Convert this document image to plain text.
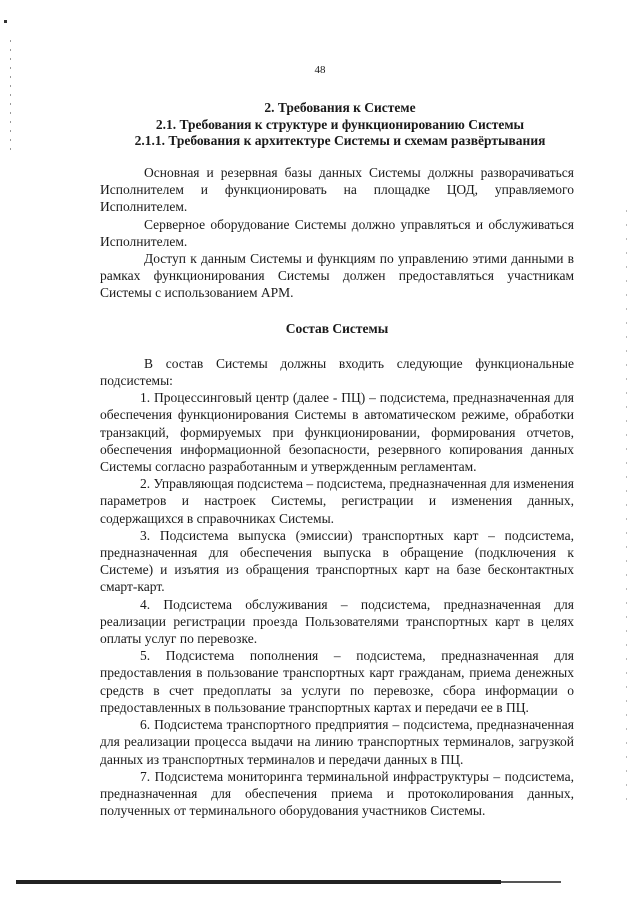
48
2. Требования к Системе
2.1. Требования к структуре и функционированию Системы
2.1.1. Требования к архитектуре Системы и схемам развёртывания

Основная и резервная базы данных Системы должны разворачиваться Исполнителем и функционировать на площадке ЦОД, управляемого Исполнителем.

Серверное оборудование Системы должно управляться и обслуживаться Исполнителем.

Доступ к данным Системы и функциям по управлению этими данными в рамках функционирования Системы должен предоставляться участникам Системы с использованием АРМ.

Состав Системы

В состав Системы должны входить следующие функциональные подсистемы:

1. Процессинговый центр (далее - ПЦ) – подсистема, предназначенная для обеспечения функционирования Системы в автоматическом режиме, обработки транзакций, формируемых при функционировании, формирования отчетов, обеспечения информационной безопасности, резервного копирования данных Системы согласно разработанным и утвержденным регламентам.

2. Управляющая подсистема – подсистема, предназначенная для изменения параметров и настроек Системы, регистрации и изменения данных, содержащихся в справочниках Системы.

3. Подсистема выпуска (эмиссии) транспортных карт – подсистема, предназначенная для обеспечения выпуска в обращение (подключения к Системе) и изъятия из обращения транспортных карт на базе бесконтактных смарт-карт.

4. Подсистема обслуживания – подсистема, предназначенная для реализации регистрации проезда Пользователями транспортных карт в целях оплаты услуг по перевозке.

5. Подсистема пополнения – подсистема, предназначенная для предоставления в пользование транспортных карт гражданам, приема денежных средств в счет предоплаты за услуги по перевозке, сбора информации о предоставленных в пользование транспортных картах и передачи ее в ПЦ.

6. Подсистема транспортного предприятия – подсистема, предназначенная для реализации процесса выдачи на линию транспортных терминалов, загрузкой данных из транспортных терминалов и передачи данных в ПЦ.

7. Подсистема мониторинга терминальной инфраструктуры – подсистема, предназначенная для обеспечения приема и протоколирования данных, полученных от терминального оборудования участников Системы.
